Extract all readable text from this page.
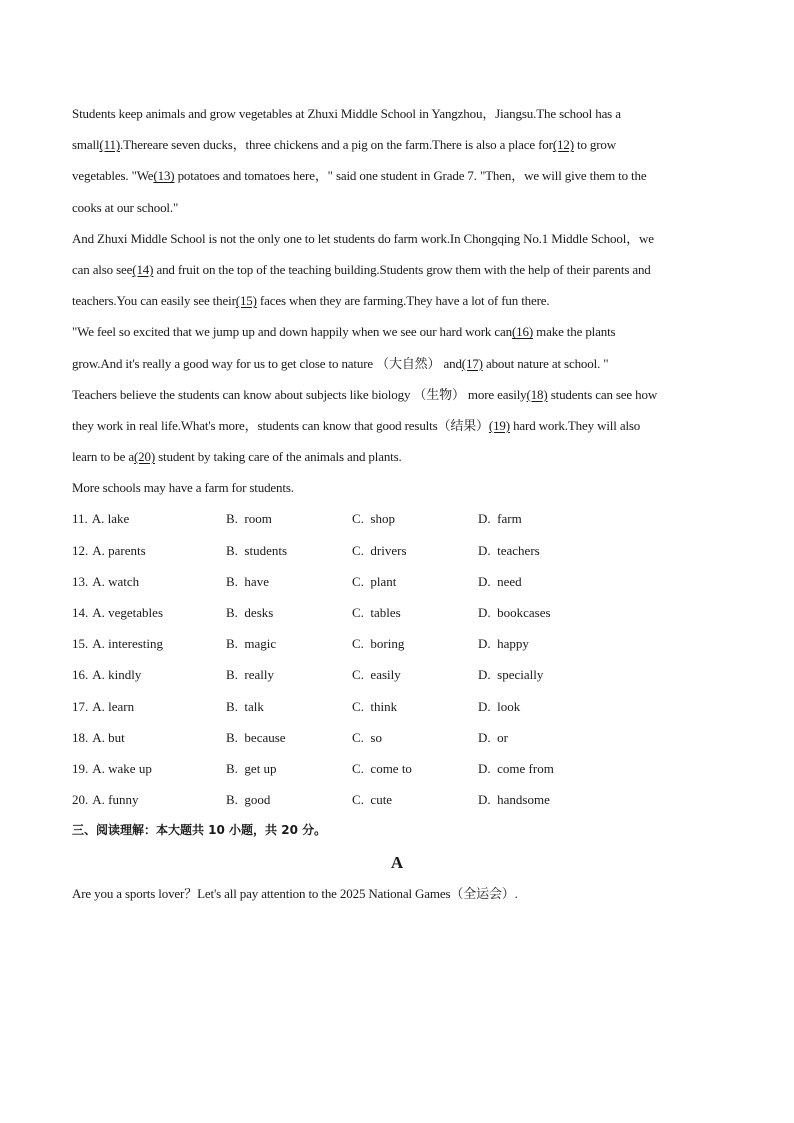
Students keep animals and grow vegetables at Zhuxi Middle School in Yangzhou，Jiangsu.The school has a
small(11).Thereare seven ducks，three chickens and a pig on the farm.There is also a place for(12) to grow
vegetables. "We(13) potatoes and tomatoes here，" said one student in Grade 7. "Then，we will give them to the
cooks at our school."
And Zhuxi Middle School is not the only one to let students do farm work.In Chongqing No.1 Middle School，we
can also see(14) and fruit on the top of the teaching building.Students grow them with the help of their parents and
teachers.You can easily see their(15) faces when they are farming.They have a lot of fun there.
"We feel so excited that we jump up and down happily when we see our hard work can(16) make the plants
grow.And it's really a good way for us to get close to nature （大自然） and(17) about nature at school. "
Teachers believe the students can know about subjects like biology （生物） more easily(18) students can see how
they work in real life.What's more，students can know that good results（结果）(19) hard work.They will also
learn to be a(20) student by taking care of the animals and plants.
More schools may have a farm for students.
11. A. lake	B.  room	C.  shop	D.  farm
12. A. parents	B.  students	C.  drivers	D.  teachers
13. A. watch	B.  have	C.  plant	D.  need
14. A. vegetables	B.  desks	C.  tables	D.  bookcases
15. A. interesting	B.  magic	C.  boring	D.  happy
16. A. kindly	B.  really	C.  easily	D.  specially
17. A. learn	B.  talk	C.  think	D.  look
18. A. but	B.  because	C.  so	D.  or
19. A. wake up	B.  get up	C.  come to	D.  come from
20. A. funny	B.  good	C.  cute	D.  handsome
三、阅读理解：本大题共 10 小题，共 20 分。
A
Are you a sports lover？Let's all pay attention to the 2025 National Games（全运会）.
